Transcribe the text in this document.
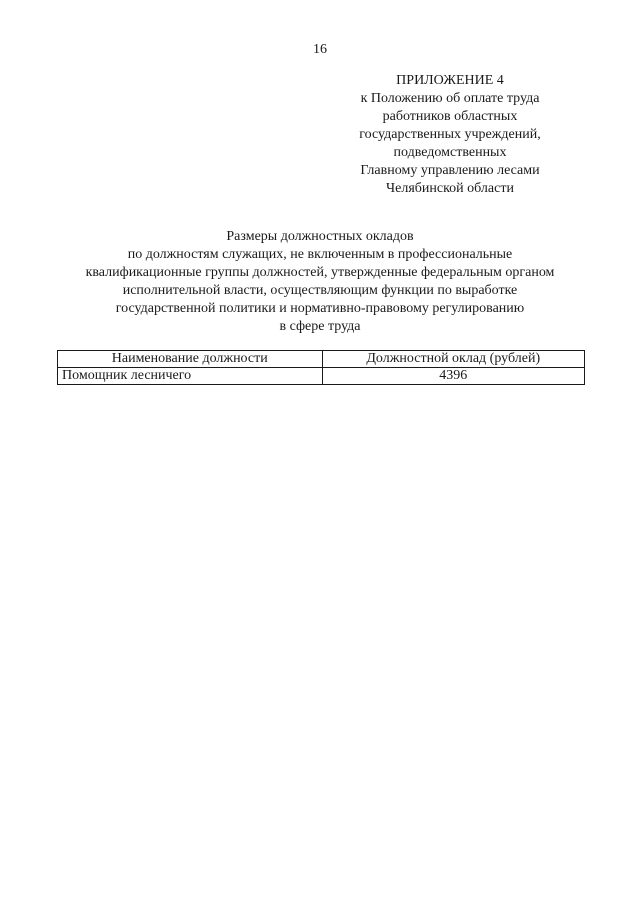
16
ПРИЛОЖЕНИЕ 4
к Положению об оплате труда
работников областных
государственных учреждений,
подведомственных
Главному управлению лесами
Челябинской области
Размеры должностных окладов
по должностям служащих, не включенным в профессиональные
квалификационные группы должностей, утвержденные федеральным органом
исполнительной власти, осуществляющим функции по выработке
государственной политики и нормативно-правовому регулированию
в сфере труда
Наименование должности	Должностной оклад (рублей)
Помощник лесничего	4396
